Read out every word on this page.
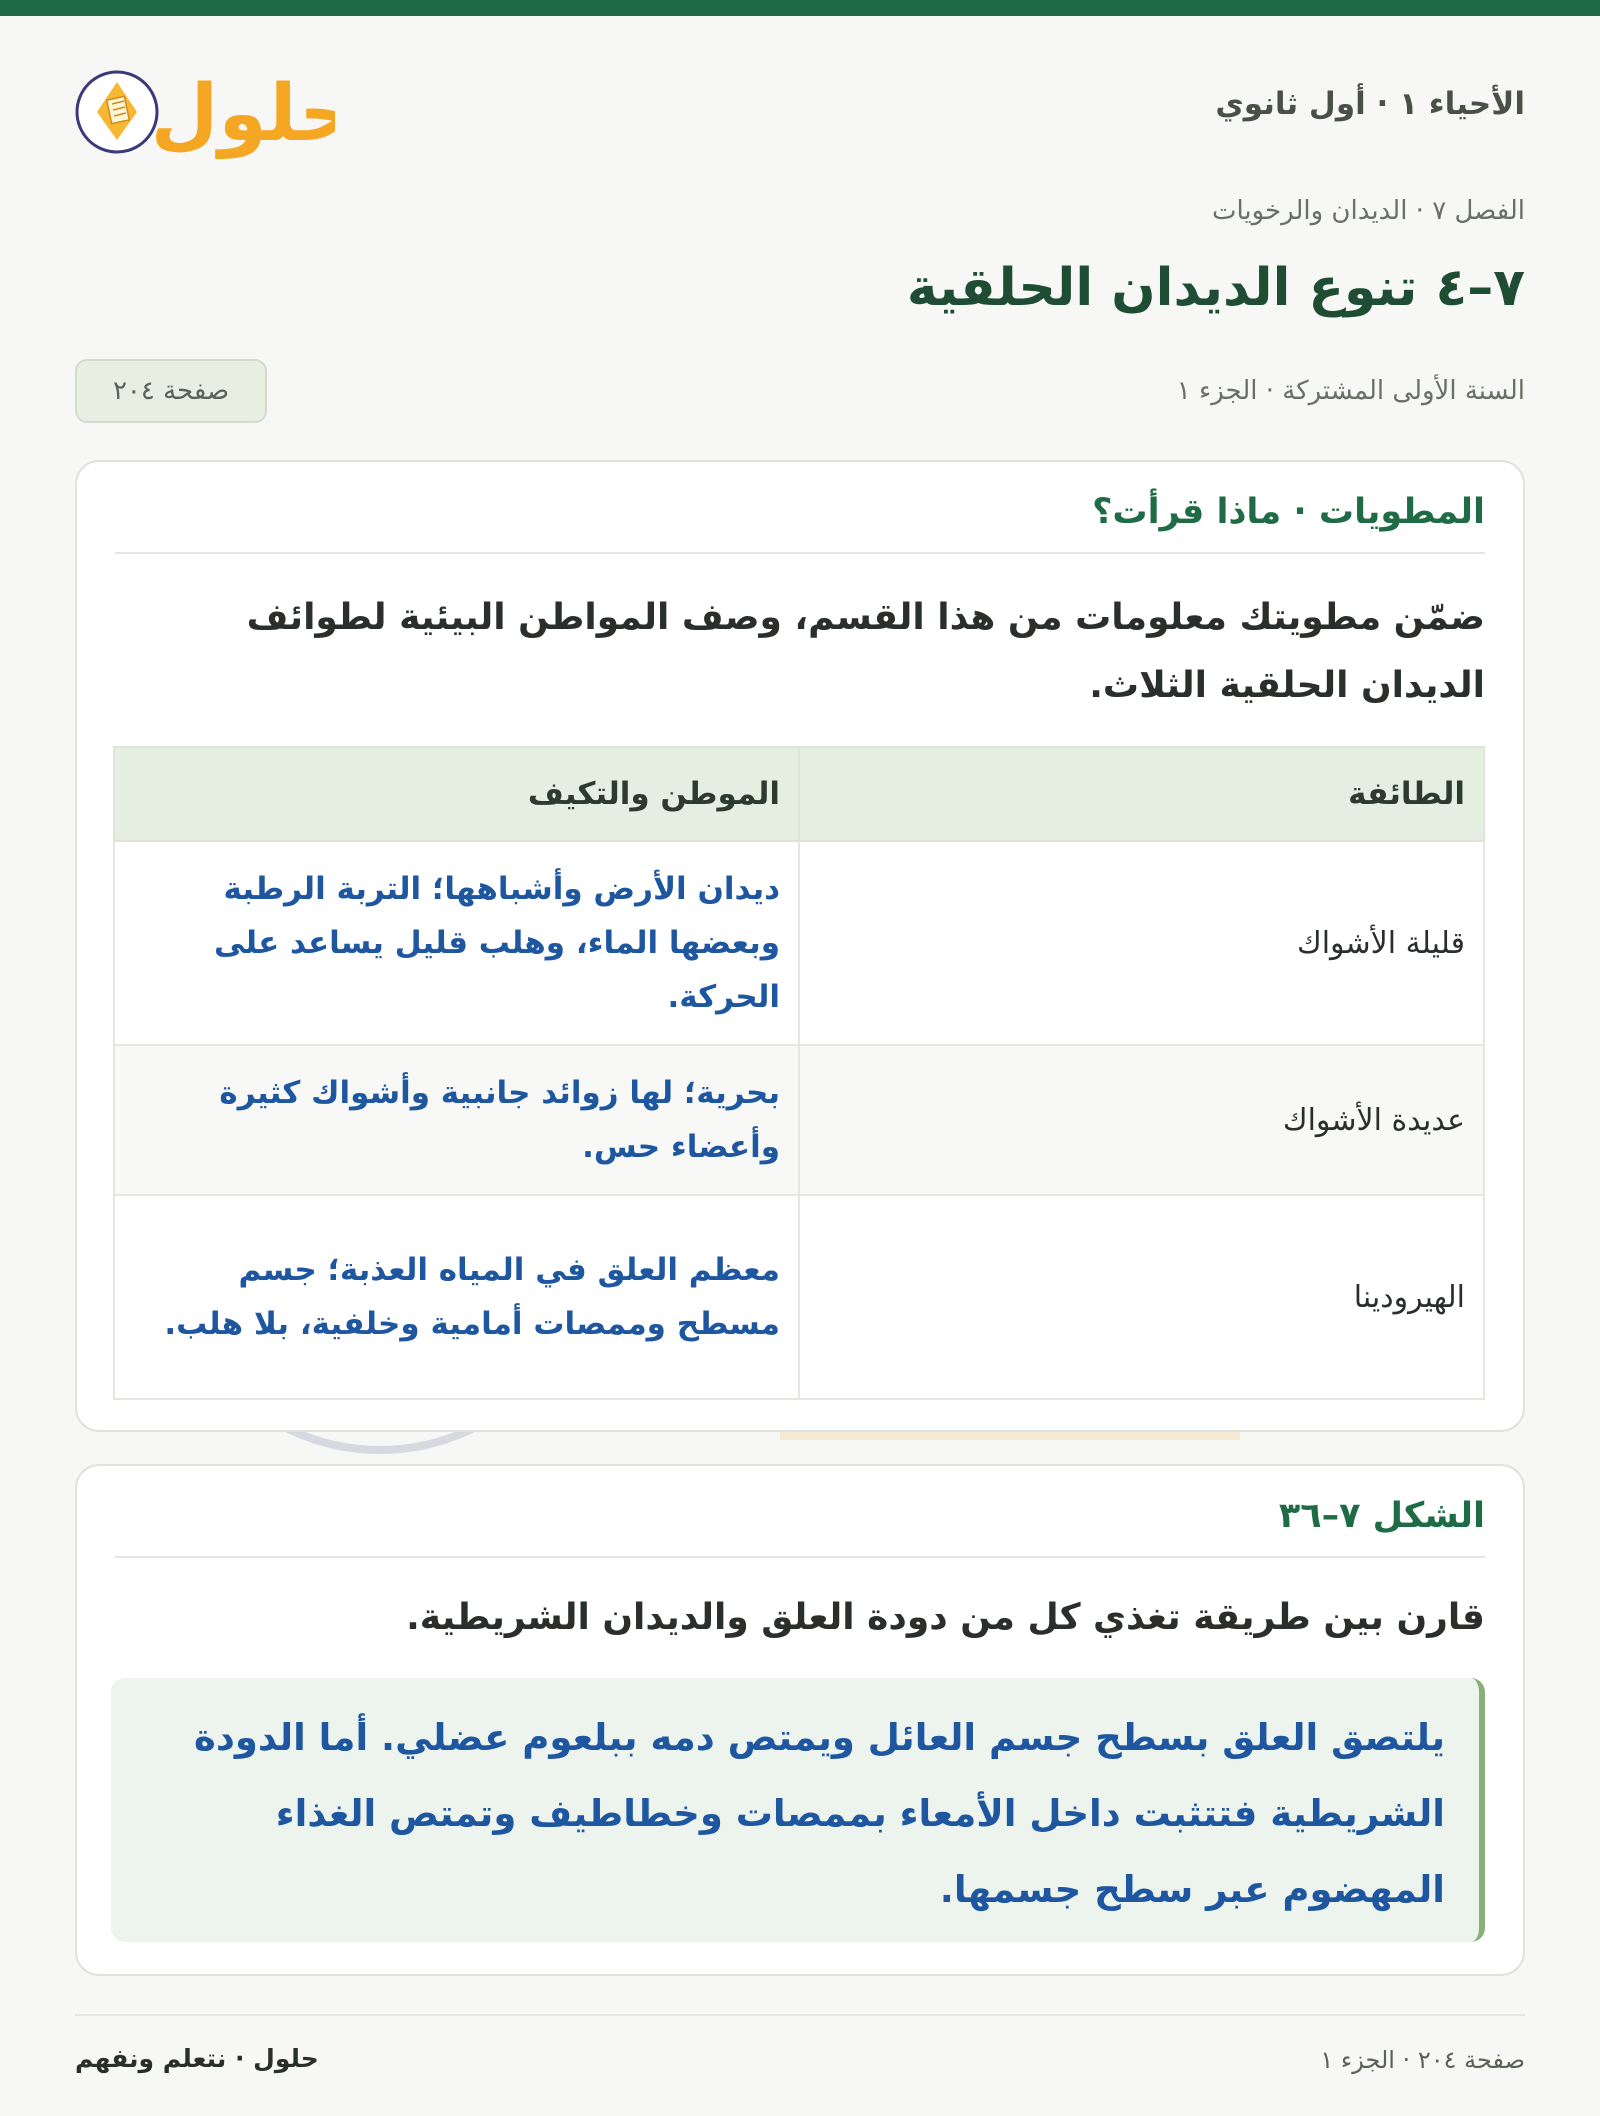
الأحياء ١ · أول ثانوي
حلول
الفصل ٧ · الديدان والرخويات
٧–٤ تنوع الديدان الحلقية
السنة الأولى المشتركة · الجزء ١
صفحة ٢٠٤
المطويات · ماذا قرأت؟

ضمّن مطويتك معلومات من هذا القسم، وصف المواطن البيئية لطوائف الديدان الحلقية الثلاث.

الطائفة	الموطن والتكيف
قليلة الأشواك	ديدان الأرض وأشباهها؛ التربة الرطبة وبعضها الماء، وهلب قليل يساعد على الحركة.
عديدة الأشواك	بحرية؛ لها زوائد جانبية وأشواك كثيرة وأعضاء حس.
الهيرودينا	معظم العلق في المياه العذبة؛ جسم مسطح وممصات أمامية وخلفية، بلا هلب.
الشكل ٧–٣٦

قارن بين طريقة تغذي كل من دودة العلق والديدان الشريطية.

يلتصق العلق بسطح جسم العائل ويمتص دمه ببلعوم عضلي. أما الدودة الشريطية فتتثبت داخل الأمعاء بممصات وخطاطيف وتمتص الغذاء المهضوم عبر سطح جسمها.

صفحة ٢٠٤ · الجزء ١
حلول · نتعلم ونفهم
